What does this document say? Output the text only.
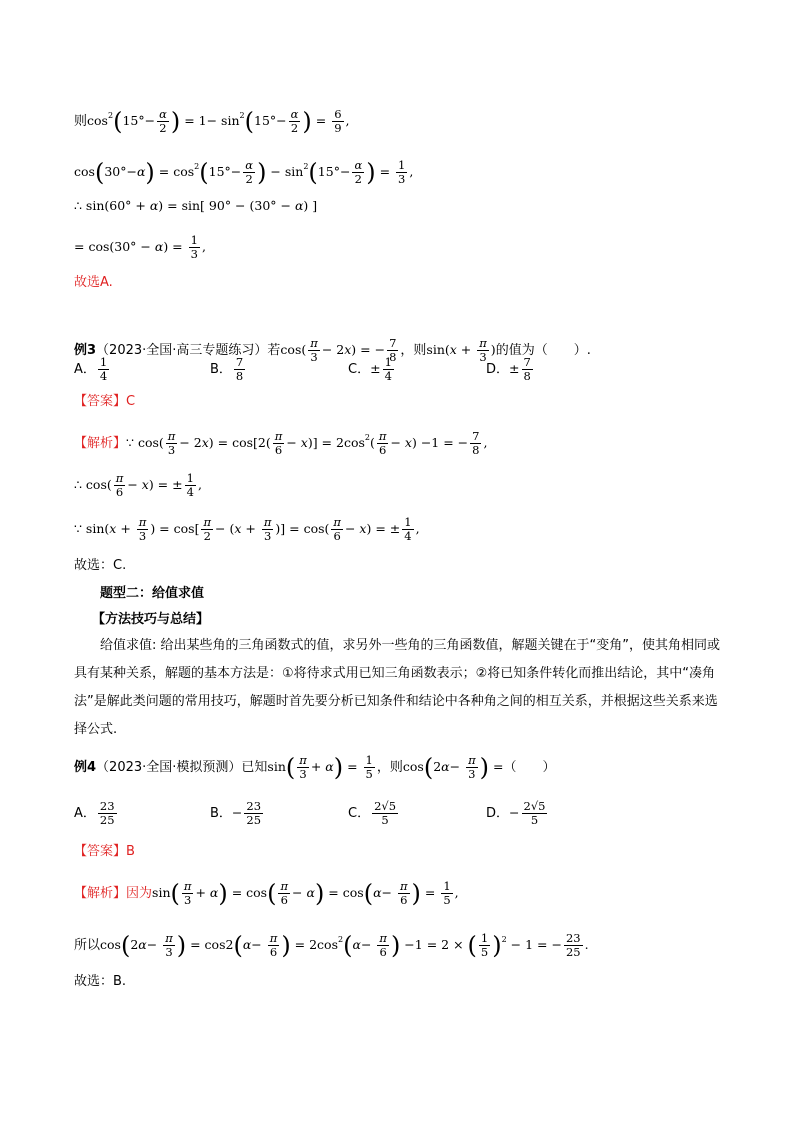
则$\cos^2(15^\circ- \frac{\alpha}{2}$ ) = $1- \sin^2(15^\circ- \frac{\alpha}{2}$ ) = $\frac{6}{9}$ ,
$\cos(30^\circ-\alpha) = \cos^2(15^\circ- \frac{\alpha}{2}$ ) − $\sin^2(15^\circ- \frac{\alpha}{2}$ ) = $\frac{1}{3}$ ,
∴ sin(60° + α) = sin[ 90° − (30° − α) ]
= $\cos(30^\circ - \alpha) = \frac{1}{3}$ ,
故选A.
例3（2023·全国·高三专题练习）若$\cos( \frac{\pi}{3} - 2x)$ = − $\frac{7}{8}$ ，则$\sin(x + \frac{\pi}{3}$ )的值为（　　）.
A． $\frac{1}{4}$	B． $\frac{7}{8}$	C．± $\frac{1}{4}$	D．± $\frac{7}{8}$
【答案】C
【解析】∵ $\cos( \frac{\pi}{3} - 2x) = \cos[2( \frac{\pi}{6} - x)] = 2\cos^2( \frac{\pi}{6} - x) -1$ = − $\frac{7}{8}$ ,
∴ $\cos( \frac{\pi}{6} - x)$ = ± $\frac{1}{4}$ ,
∵ $\sin(x + \frac{\pi}{3}$ ) = $\cos[ \frac{\pi}{2} - (x + \frac{\pi}{3}$ )] = $\cos( \frac{\pi}{6} - x)$ = ± $\frac{1}{4}$ ,
故选：C.
题型二：给值求值
【方法技巧与总结】
给值求值: 给出某些角的三角函数式的值，求另外一些角的三角函数值，解题关键在于“变角”，使其角相同或具有某种关系，解题的基本方法是：①将待求式用已知三角函数表示；②将已知条件转化而推出结论，其中“凑角法”是解此类问题的常用技巧，解题时首先要分析已知条件和结论中各种角之间的相互关系，并根据这些关系来选择公式.
例4（2023·全国·模拟预测）已知$\sin( \frac{\pi}{3} + \alpha) = \frac{1}{5}$ ，则$\cos(2\alpha- \frac{\pi}{3}$ ) =（　　）
A． $\frac{23}{25}$	B．− $\frac{23}{25}$	C． $\frac{2√5}{5}$	D．− $\frac{2√5}{5}$
【答案】B
【解析】因为$\sin( \frac{\pi}{3} + \alpha) = \cos( \frac{\pi}{6} - \alpha) = \cos(\alpha- \frac{\pi}{6}$ ) = $\frac{1}{5}$ ,
所以$\cos(2\alpha- \frac{\pi}{3}$ ) = $\cos 2(\alpha- \frac{\pi}{6}$ ) = $2\cos^2(\alpha- \frac{\pi}{6}$ ) −1 = 2 × ( $\frac{1}{5} )^2 - 1$ = − $\frac{23}{25}$ .
故选：B.
